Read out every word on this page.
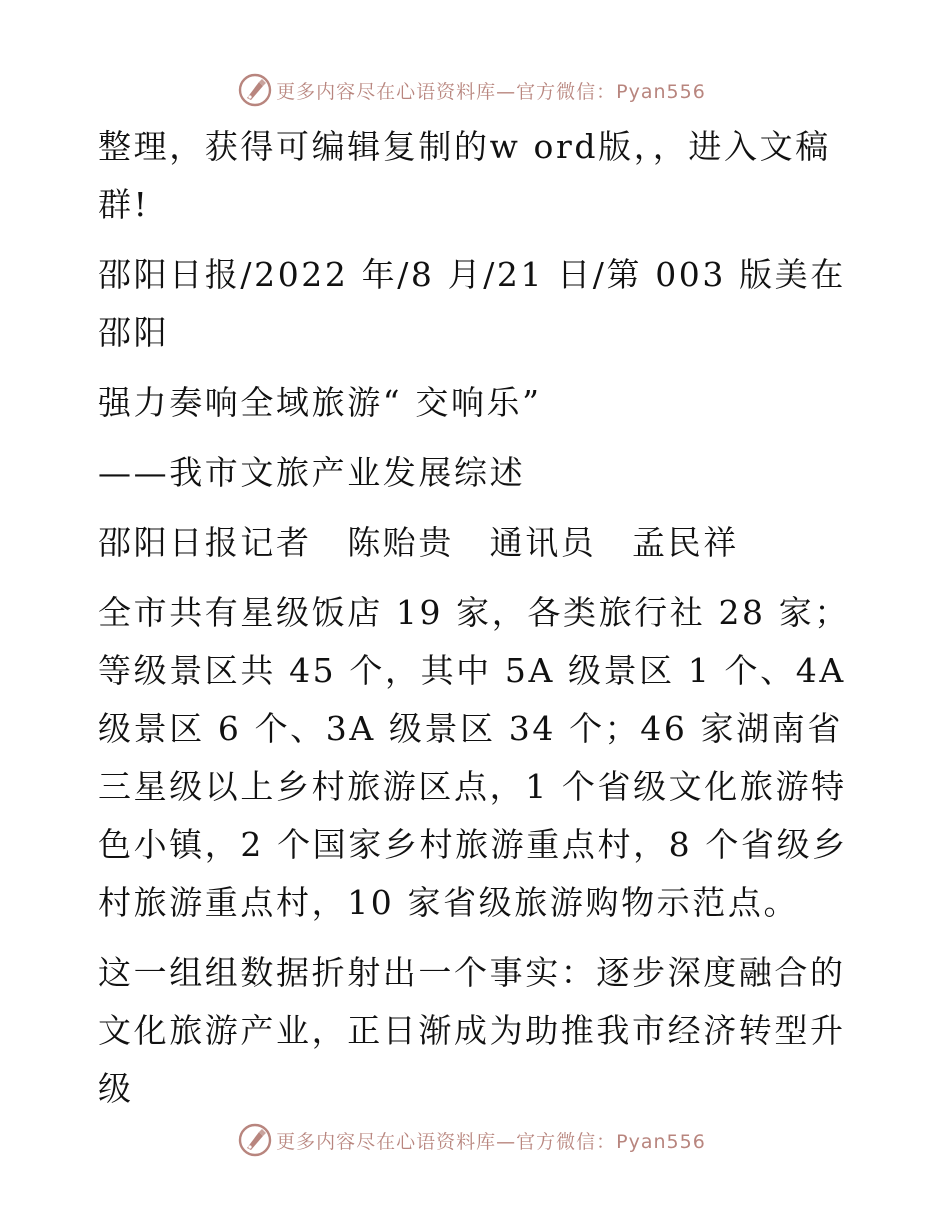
更多内容尽在心语资料库—官方微信：Pyan556

整理，获得可编辑复制的w ord版，，进入文稿群!

邵阳日报/2022 年/8 月/21 日/第 003 版美在邵阳

强力奏响全域旅游“ 交响乐”

——我市文旅产业发展综述

邵阳日报记者　陈贻贵　通讯员　孟民祥

全市共有星级饭店 19 家，各类旅行社 28 家；等级景区共 45 个，其中 5A 级景区 1 个、4A 级景区 6 个、3A 级景区 34 个；46 家湖南省三星级以上乡村旅游区点，1 个省级文化旅游特色小镇，2 个国家乡村旅游重点村，8 个省级乡村旅游重点村，10 家省级旅游购物示范点。

这一组组数据折射出一个事实：逐步深度融合的文化旅游产业，正日渐成为助推我市经济转型升级

更多内容尽在心语资料库—官方微信：Pyan556
